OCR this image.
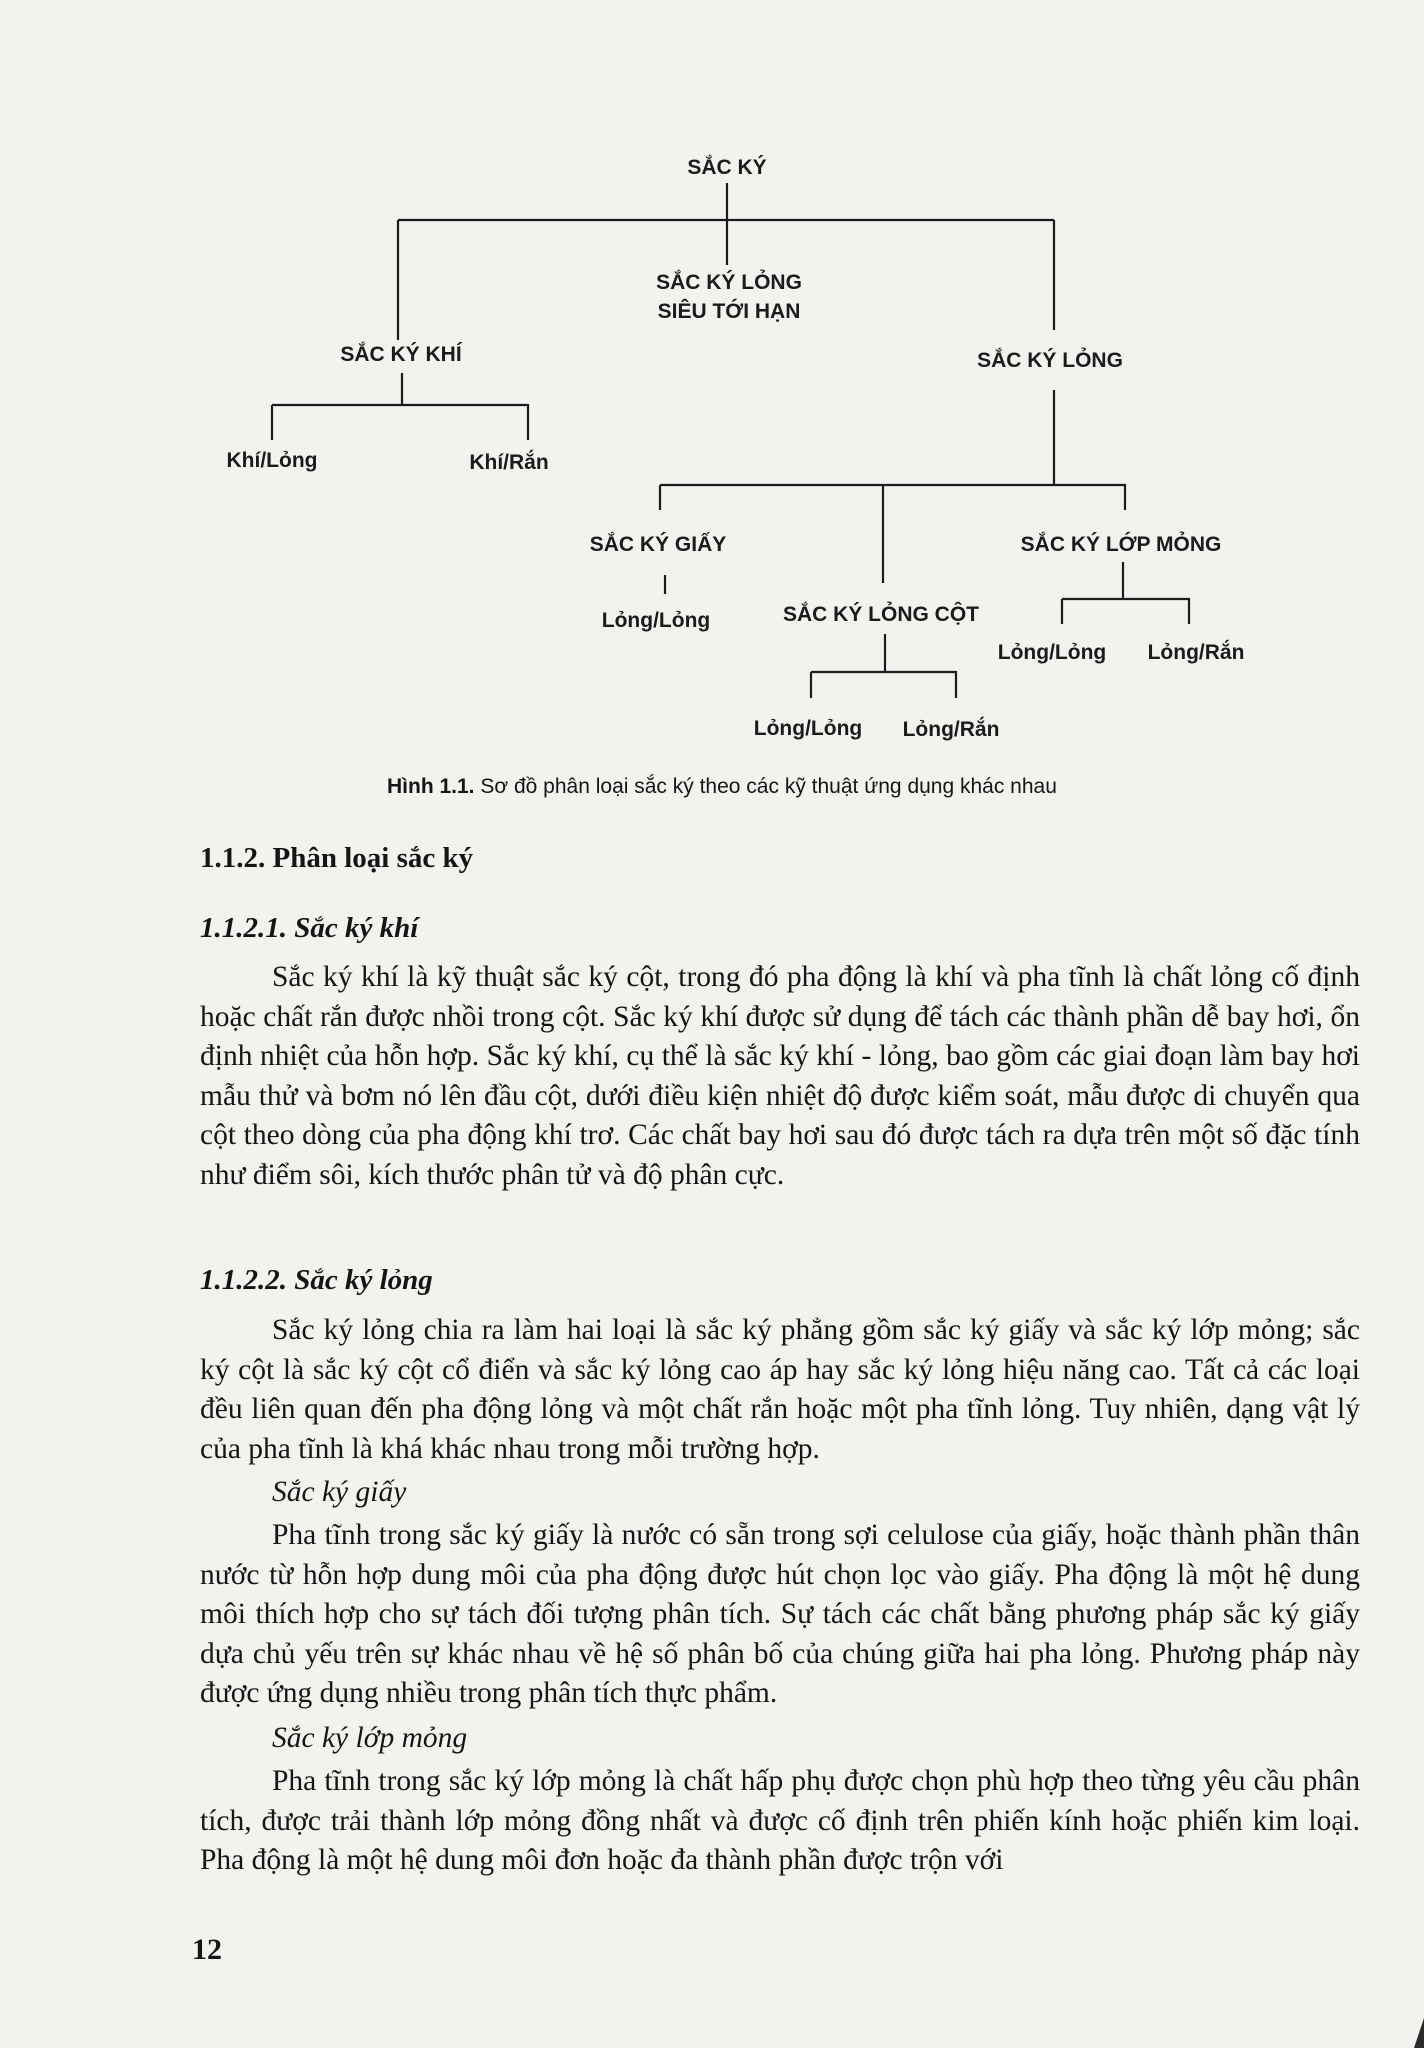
SẮC KÝ
SẮC KÝ LỎNG
SIÊU TỚI HẠN
SẮC KÝ KHÍ	SẮC KÝ LỎNG
Khí/Lỏng	Khí/Rắn
SẮC KÝ GIẤY	SẮC KÝ LỚP MỎNG
Lỏng/Lỏng	SẮC KÝ LỎNG CỘT
Lỏng/Lỏng Lỏng/Rắn
Lỏng/Lỏng Lỏng/Rắn
Hình 1.1. Sơ đồ phân loại sắc ký theo các kỹ thuật ứng dụng khác nhau
1.1.2. Phân loại sắc ký
1.1.2.1. Sắc ký khí

Sắc ký khí là kỹ thuật sắc ký cột, trong đó pha động là khí và pha tĩnh là chất lỏng cố định hoặc chất rắn được nhồi trong cột. Sắc ký khí được sử dụng để tách các thành phần dễ bay hơi, ổn định nhiệt của hỗn hợp. Sắc ký khí, cụ thể là sắc ký khí - lỏng, bao gồm các giai đoạn làm bay hơi mẫu thử và bơm nó lên đầu cột, dưới điều kiện nhiệt độ được kiểm soát, mẫu được di chuyển qua cột theo dòng của pha động khí trơ. Các chất bay hơi sau đó được tách ra dựa trên một số đặc tính như điểm sôi, kích thước phân tử và độ phân cực.

1.1.2.2. Sắc ký lỏng

Sắc ký lỏng chia ra làm hai loại là sắc ký phẳng gồm sắc ký giấy và sắc ký lớp mỏng; sắc ký cột là sắc ký cột cổ điển và sắc ký lỏng cao áp hay sắc ký lỏng hiệu năng cao. Tất cả các loại đều liên quan đến pha động lỏng và một chất rắn hoặc một pha tĩnh lỏng. Tuy nhiên, dạng vật lý của pha tĩnh là khá khác nhau trong mỗi trường hợp.

Sắc ký giấy

Pha tĩnh trong sắc ký giấy là nước có sẵn trong sợi celulose của giấy, hoặc thành phần thân nước từ hỗn hợp dung môi của pha động được hút chọn lọc vào giấy. Pha động là một hệ dung môi thích hợp cho sự tách đối tượng phân tích. Sự tách các chất bằng phương pháp sắc ký giấy dựa chủ yếu trên sự khác nhau về hệ số phân bố của chúng giữa hai pha lỏng. Phương pháp này được ứng dụng nhiều trong phân tích thực phẩm.

Sắc ký lớp mỏng

Pha tĩnh trong sắc ký lớp mỏng là chất hấp phụ được chọn phù hợp theo từng yêu cầu phân tích, được trải thành lớp mỏng đồng nhất và được cố định trên phiến kính hoặc phiến kim loại. Pha động là một hệ dung môi đơn hoặc đa thành phần được trộn với

12
